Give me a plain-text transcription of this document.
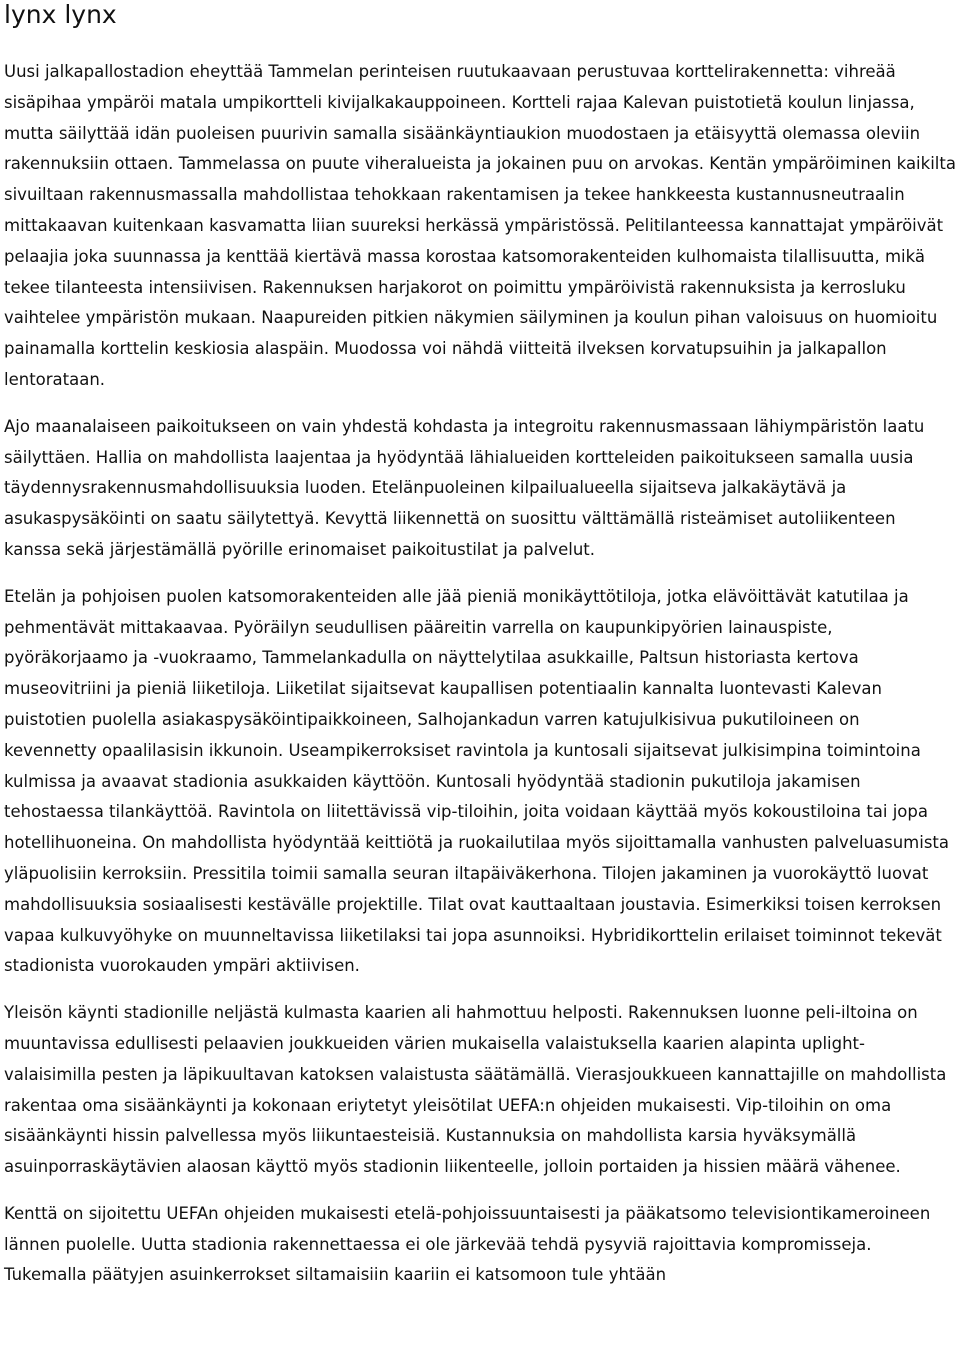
lynx lynx

Uusi jalkapallostadion eheyttää Tammelan perinteisen ruutukaavaan perustuvaa korttelirakennetta: vihreää sisäpihaa ympäröi matala umpikortteli kivijalkakauppoineen. Kortteli rajaa Kalevan puistotietä koulun linjassa, mutta säilyttää idän puoleisen puurivin samalla sisäänkäyntiaukion muodostaen ja etäisyyttä olemassa oleviin rakennuksiin ottaen. Tammelassa on puute viheralueista ja jokainen puu on arvokas. Kentän ympäröiminen kaikilta sivuiltaan rakennusmassalla mahdollistaa tehokkaan rakentamisen ja tekee hankkeesta kustannusneutraalin mittakaavan kuitenkaan kasvamatta liian suureksi herkässä ympäristössä. Pelitilanteessa kannattajat ympäröivät pelaajia joka suunnassa ja kenttää kiertävä massa korostaa katsomorakenteiden kulhomaista tilallisuutta, mikä tekee tilanteesta intensiivisen. Rakennuksen harjakorot on poimittu ympäröivistä rakennuksista ja kerrosluku vaihtelee ympäristön mukaan. Naapureiden pitkien näkymien säilyminen ja koulun pihan valoisuus on huomioitu painamalla korttelin keskiosia alaspäin. Muodossa voi nähdä viitteitä ilveksen korvatupsuihin ja jalkapallon lentorataan.

Ajo maanalaiseen paikoitukseen on vain yhdestä kohdasta ja integroitu rakennusmassaan lähiympäristön laatu säilyttäen. Hallia on mahdollista laajentaa ja hyödyntää lähialueiden kortteleiden paikoitukseen samalla uusia täydennysrakennusmahdollisuuksia luoden. Etelänpuoleinen kilpailualueella sijaitseva jalkakäytävä ja asukaspysäköinti on saatu säilytettyä. Kevyttä liikennettä on suosittu välttämällä risteämiset autoliikenteen kanssa sekä järjestämällä pyörille erinomaiset paikoitustilat ja palvelut.

Etelän ja pohjoisen puolen katsomorakenteiden alle jää pieniä monikäyttötiloja, jotka elävöittävät katutilaa ja pehmentävät mittakaavaa. Pyöräilyn seudullisen pääreitin varrella on kaupunkipyörien lainauspiste, pyöräkorjaamo ja -vuokraamo, Tammelankadulla on näyttelytilaa asukkaille, Paltsun historiasta kertova museovitriini ja pieniä liiketiloja. Liiketilat sijaitsevat kaupallisen potentiaalin kannalta luontevasti Kalevan puistotien puolella asiakaspysäköintipaikkoineen, Salhojankadun varren katujulkisivua pukutiloineen on kevennetty opaalilasisin ikkunoin. Useampikerroksiset ravintola ja kuntosali sijaitsevat julkisimpina toimintoina kulmissa ja avaavat stadionia asukkaiden käyttöön. Kuntosali hyödyntää stadionin pukutiloja jakamisen tehostaessa tilankäyttöä. Ravintola on liitettävissä vip-tiloihin, joita voidaan käyttää myös kokoustiloina tai jopa hotellihuoneina. On mahdollista hyödyntää keittiötä ja ruokailutilaa myös sijoittamalla vanhusten palveluasumista yläpuolisiin kerroksiin. Pressitila toimii samalla seuran iltapäiväkerhona. Tilojen jakaminen ja vuorokäyttö luovat mahdollisuuksia sosiaalisesti kestävälle projektille. Tilat ovat kauttaaltaan joustavia. Esimerkiksi toisen kerroksen vapaa kulkuvyöhyke on muunneltavissa liiketilaksi tai jopa asunnoiksi. Hybridikorttelin erilaiset toiminnot tekevät stadionista vuorokauden ympäri aktiivisen.

Yleisön käynti stadionille neljästä kulmasta kaarien ali hahmottuu helposti. Rakennuksen luonne peli-iltoina on muuntavissa edullisesti pelaavien joukkueiden värien mukaisella valaistuksella kaarien alapinta uplight-valaisimilla pesten ja läpikuultavan katoksen valaistusta säätämällä. Vierasjoukkueen kannattajille on mahdollista rakentaa oma sisäänkäynti ja kokonaan eriytetyt yleisötilat UEFA:n ohjeiden mukaisesti. Vip-tiloihin on oma sisäänkäynti hissin palvellessa myös liikuntaesteisiä. Kustannuksia on mahdollista karsia hyväksymällä asuinporraskäytävien alaosan käyttö myös stadionin liikenteelle, jolloin portaiden ja hissien määrä vähenee.

Kenttä on sijoitettu UEFAn ohjeiden mukaisesti etelä-pohjoissuuntaisesti ja pääkatsomo televisiontikameroineen lännen puolelle. Uutta stadionia rakennettaessa ei ole järkevää tehdä pysyviä rajoittavia kompromisseja. Tukemalla päätyjen asuinkerrokset siltamaisiin kaariin ei katsomoon tule yhtään
